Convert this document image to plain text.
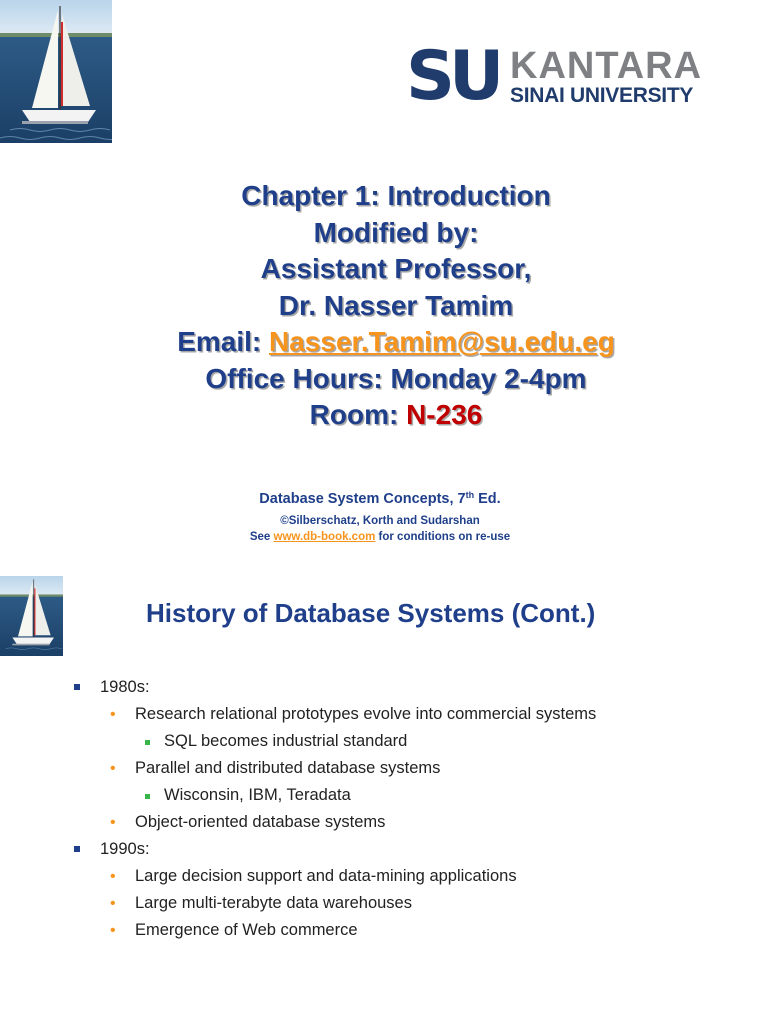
SU KANTARA
SINAI UNIVERSITY
Chapter 1: Introduction
Modified by:
Assistant Professor,
Dr. Nasser Tamim
Email: Nasser.Tamim@su.edu.eg
Office Hours: Monday 2-4pm
Room: N-236
Database System Concepts, 7th Ed.
©Silberschatz, Korth and Sudarshan
See www.db-book.com for conditions on re-use
History of Database Systems (Cont.)
1980s:
• Research relational prototypes evolve into commercial systems
SQL becomes industrial standard
• Parallel and distributed database systems
Wisconsin, IBM, Teradata
• Object-oriented database systems
1990s:
• Large decision support and data-mining applications
• Large multi-terabyte data warehouses
• Emergence of Web commerce
